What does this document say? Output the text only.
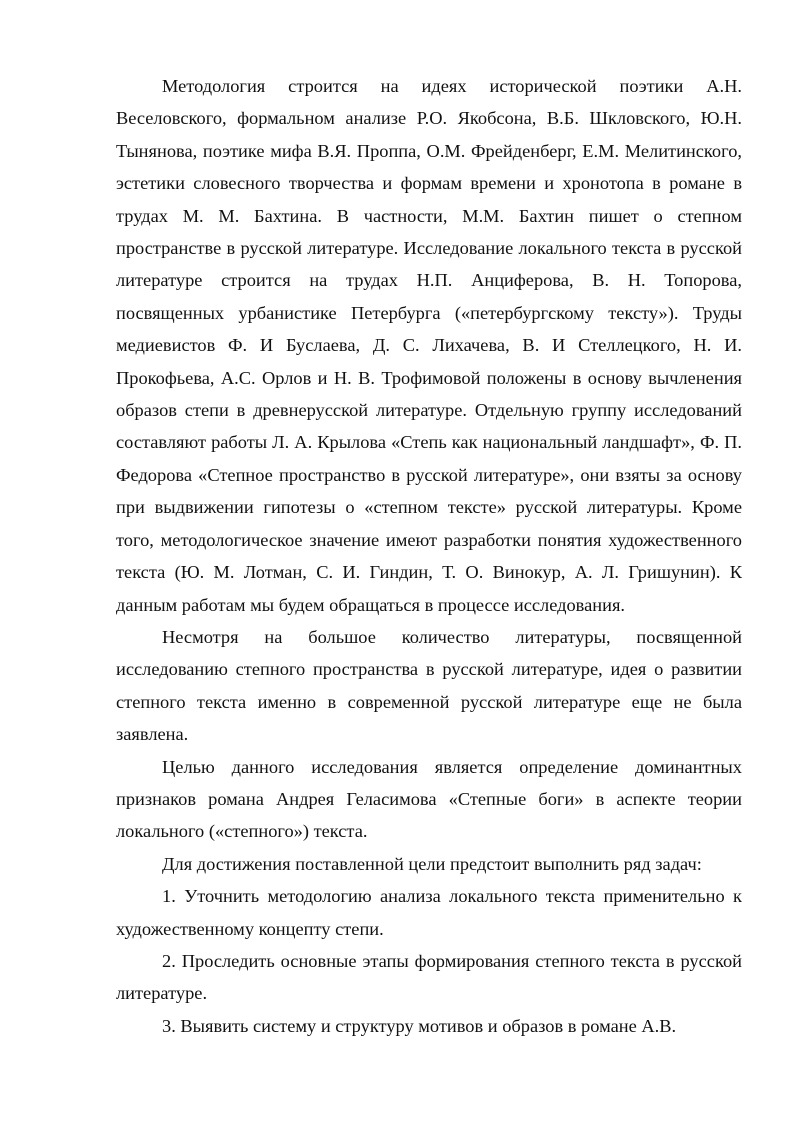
Методология строится на идеях исторической поэтики А.Н. Веселовского, формальном анализе Р.О. Якобсона, В.Б. Шкловского, Ю.Н. Тынянова, поэтике мифа В.Я. Проппа, О.М. Фрейденберг, Е.М. Мелитинского, эстетики словесного творчества и формам времени и хронотопа в романе в трудах М. М. Бахтина. В частности, М.М. Бахтин пишет о степном пространстве в русской литературе. Исследование локального текста в русской литературе строится на трудах Н.П. Анциферова, В. Н. Топорова, посвященных урбанистике Петербурга («петербургскому тексту»). Труды медиевистов Ф. И Буслаева, Д. С. Лихачева, В. И Стеллецкого, Н. И. Прокофьева, А.С. Орлов и Н. В. Трофимовой положены в основу вычленения образов степи в древнерусской литературе. Отдельную группу исследований составляют работы Л. А. Крылова «Степь как национальный ландшафт», Ф. П. Федорова «Степное пространство в русской литературе», они взяты за основу при выдвижении гипотезы о «степном тексте» русской литературы. Кроме того, методологическое значение имеют разработки понятия художественного текста (Ю. М. Лотман, С. И. Гиндин, Т. О. Винокур, А. Л. Гришунин). К данным работам мы будем обращаться в процессе исследования.

Несмотря на большое количество литературы, посвященной исследованию степного пространства в русской литературе, идея о развитии степного текста именно в современной русской литературе еще не была заявлена.

Целью данного исследования является определение доминантных признаков романа Андрея Геласимова «Степные боги» в аспекте теории локального («степного») текста.

Для достижения поставленной цели предстоит выполнить ряд задач:

1. Уточнить методологию анализа локального текста применительно к художественному концепту степи.

2. Проследить основные этапы формирования степного текста в русской литературе.

3. Выявить систему и структуру мотивов и образов в романе А.В.
